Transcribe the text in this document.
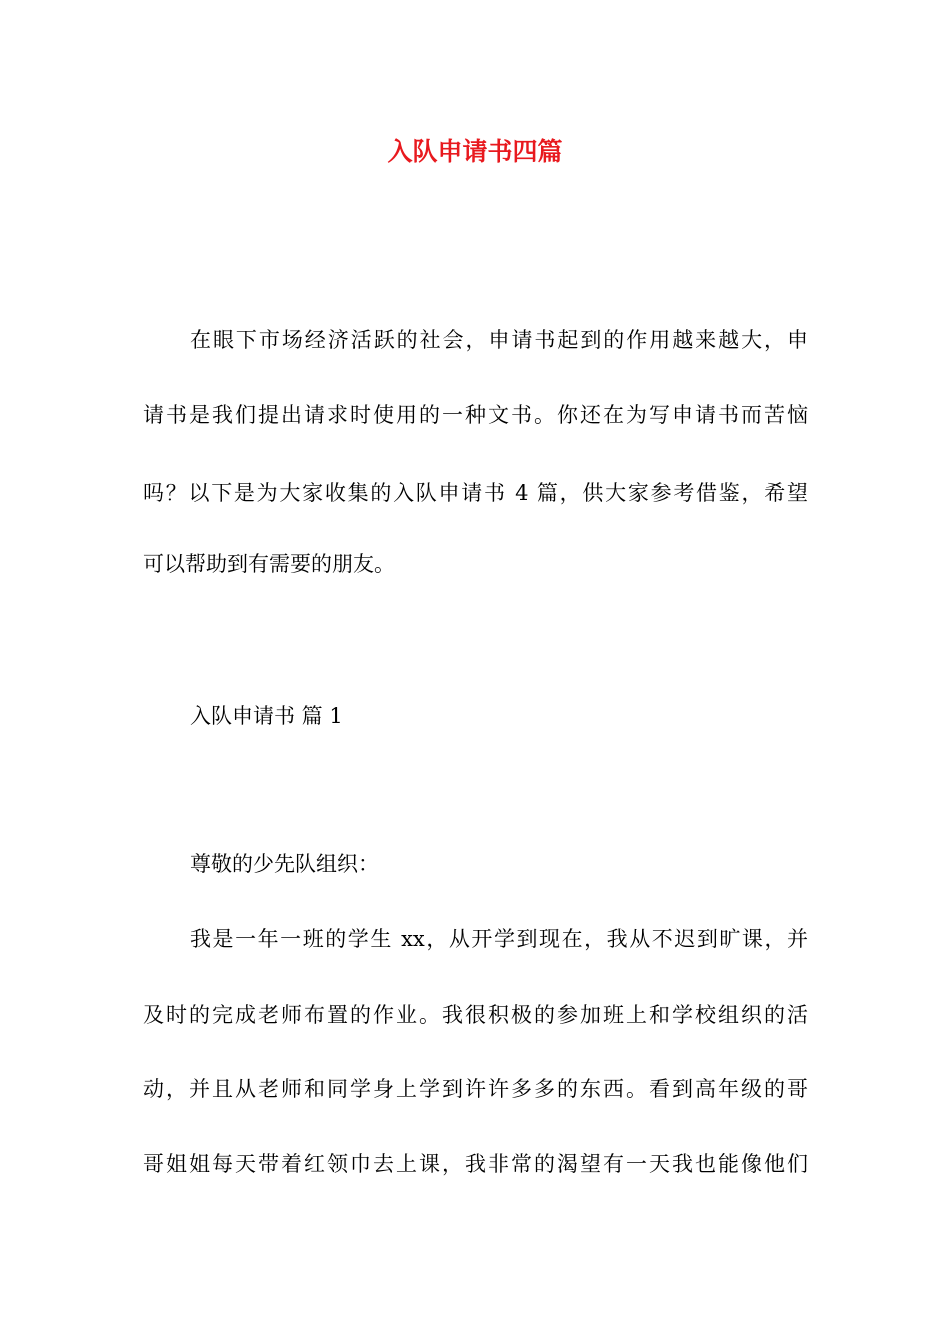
入队申请书四篇
在眼下市场经济活跃的社会，申请书起到的作用越来越大，申
请书是我们提出请求时使用的一种文书。你还在为写申请书而苦恼
吗？以下是为大家收集的入队申请书 4 篇，供大家参考借鉴，希望
可以帮助到有需要的朋友。
入队申请书 篇 1
尊敬的少先队组织：
我是一年一班的学生 xx，从开学到现在，我从不迟到旷课，并
及时的完成老师布置的作业。我很积极的参加班上和学校组织的活
动，并且从老师和同学身上学到许许多多的东西。看到高年级的哥
哥姐姐每天带着红领巾去上课，我非常的渴望有一天我也能像他们
